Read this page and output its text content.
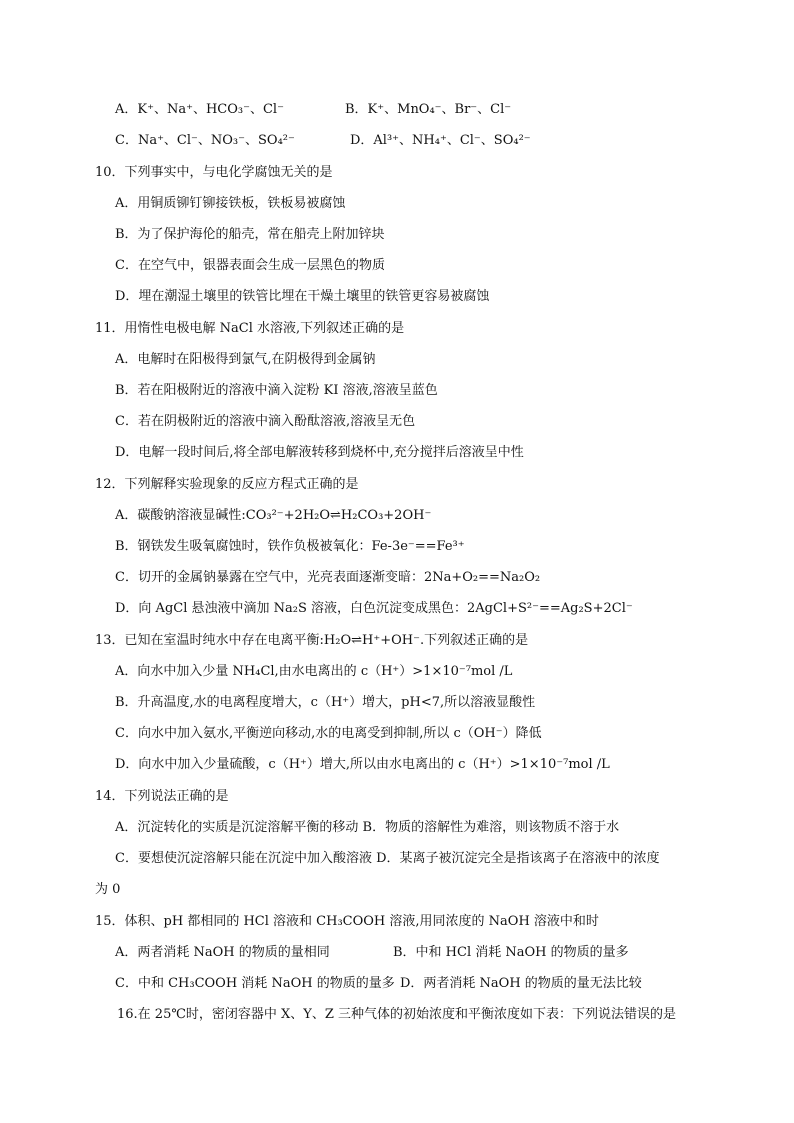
A．K⁺、Na⁺、HCO₃⁻、Cl⁻	B．K⁺、MnO₄⁻、Br⁻、Cl⁻
C．Na⁺、Cl⁻、NO₃⁻、SO₄²⁻	D．Al³⁺、NH₄⁺、Cl⁻、SO₄²⁻
10．下列事实中，与电化学腐蚀无关的是
A．用铜质铆钉铆接铁板，铁板易被腐蚀
B．为了保护海伦的船壳，常在船壳上附加锌块
C．在空气中，银器表面会生成一层黑色的物质
D．埋在潮湿土壤里的铁管比埋在干燥土壤里的铁管更容易被腐蚀
11．用惰性电极电解 NaCl 水溶液,下列叙述正确的是
A．电解时在阳极得到氯气,在阴极得到金属钠
B．若在阳极附近的溶液中滴入淀粉 KI 溶液,溶液呈蓝色
C．若在阴极附近的溶液中滴入酚酞溶液,溶液呈无色
D．电解一段时间后,将全部电解液转移到烧杯中,充分搅拌后溶液呈中性
12．下列解释实验现象的反应方程式正确的是
A．碳酸钠溶液显碱性:CO₃²⁻+2H₂O⇌H₂CO₃+2OH⁻
B．钢铁发生吸氧腐蚀时，铁作负极被氧化：Fe-3e⁻==Fe³⁺
C．切开的金属钠暴露在空气中，光亮表面逐渐变暗：2Na+O₂==Na₂O₂
D．向 AgCl 悬浊液中滴加 Na₂S 溶液，白色沉淀变成黑色：2AgCl+S²⁻==Ag₂S+2Cl⁻
13．已知在室温时纯水中存在电离平衡:H₂O⇌H⁺+OH⁻.下列叙述正确的是
A．向水中加入少量 NH₄Cl,由水电离出的 c（H⁺）>1×10⁻⁷mol /L
B．升高温度,水的电离程度增大，c（H⁺）增大，pH<7,所以溶液显酸性
C．向水中加入氨水,平衡逆向移动,水的电离受到抑制,所以 c（OH⁻）降低
D．向水中加入少量硫酸，c（H⁺）增大,所以由水电离出的 c（H⁺）>1×10⁻⁷mol /L
14．下列说法正确的是
A．沉淀转化的实质是沉淀溶解平衡的移动 B．物质的溶解性为难溶，则该物质不溶于水
C．要想使沉淀溶解只能在沉淀中加入酸溶液 D．某离子被沉淀完全是指该离子在溶液中的浓度
为 0
15．体积、pH 都相同的 HCl 溶液和 CH₃COOH 溶液,用同浓度的 NaOH 溶液中和时
A．两者消耗 NaOH 的物质的量相同	B．中和 HCl 消耗 NaOH 的物质的量多
C．中和 CH₃COOH 消耗 NaOH 的物质的量多 D．两者消耗 NaOH 的物质的量无法比较
16.在 25℃时，密闭容器中 X、Y、Z 三种气体的初始浓度和平衡浓度如下表：下列说法错误的是
